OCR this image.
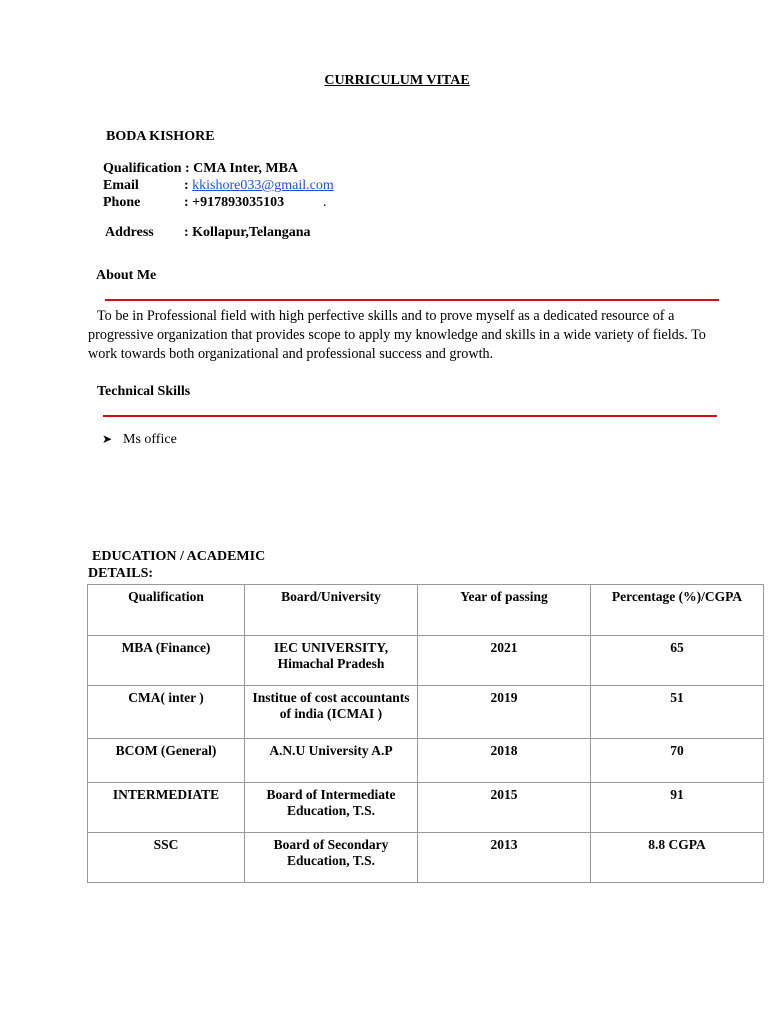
CURRICULUM VITAE
BODA KISHORE
Qualification : CMA Inter, MBA
Email	: kkishore033@gmail.com
Phone	: +917893035103	.
Address : Kollapur,Telangana
About Me
To be in Professional field with high perfective skills and to prove myself as a dedicated resource of a progressive organization that provides scope to apply my knowledge and skills in a wide variety of fields. To work towards both organizational and professional success and growth.
Technical Skills
➤ Ms office
EDUCATION / ACADEMIC
DETAILS:
Qualification	Board/University	Year of passing	Percentage (%)/CGPA
MBA (Finance)	IEC UNIVERSITY, Himachal Pradesh	2021	65
CMA( inter )	Institue of cost accountants of india (ICMAI )	2019	51
BCOM (General)	A.N.U University A.P	2018	70
INTERMEDIATE	Board of Intermediate Education, T.S.	2015	91
SSC	Board of Secondary Education, T.S.	2013	8.8 CGPA
